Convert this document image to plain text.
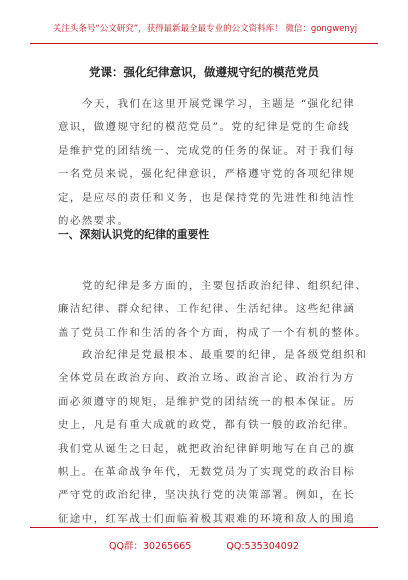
关注头条号“公文研究”，获得最新最全最专业的公文资料库！ 微信：gongwenyj
党课：强化纪律意识，做遵规守纪的模范党员
今天，我们在这里开展党课学习，主题是 “强化纪律
意识，做遵规守纪的模范党员”。党的纪律是党的生命线
是维护党的团结统一、完成党的任务的保证。对于我们每
一名党员来说，强化纪律意识，严格遵守党的各项纪律规
定，是应尽的责任和义务，也是保持党的先进性和纯洁性
的必然要求。
一、深刻认识党的纪律的重要性
党的纪律是多方面的，主要包括政治纪律、组织纪律、
廉洁纪律、群众纪律、工作纪律、生活纪律。这些纪律涵
盖了党员工作和生活的各个方面，构成了一个有机的整体。
政治纪律是党最根本、最重要的纪律，是各级党组织和
全体党员在政治方向、政治立场、政治言论、政治行为方
面必须遵守的规矩，是维护党的团结统一的根本保证。历
史上，凡是有重大成就的政党，都有铁一般的政治纪律。
我们党从诞生之日起，就把政治纪律鲜明地写在自己的旗
帜上。在革命战争年代，无数党员为了实现党的政治目标
严守党的政治纪律，坚决执行党的决策部署。例如，在长
征途中，红军战士们面临着极其艰难的环境和敌人的围追
QQ群：30265665	QQ:535304092
